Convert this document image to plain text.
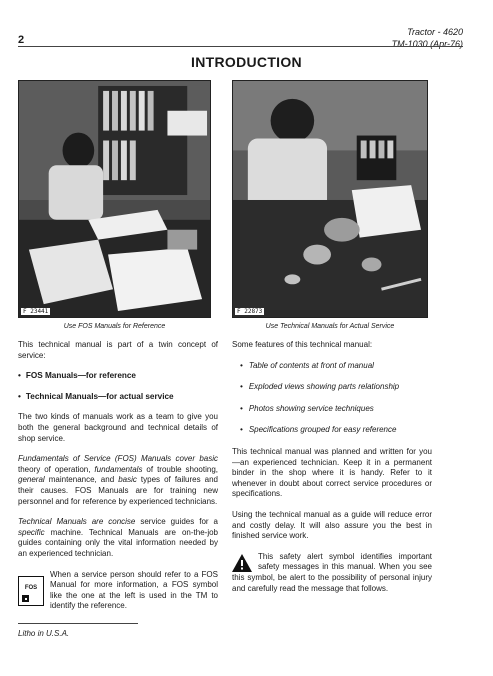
2
Tractor - 4620
TM-1030 (Apr-76)
INTRODUCTION
F 23441	F 22873
Use FOS Manuals for Reference	Use Technical Manuals for Actual Service

This technical manual is part of a twin concept of service:

• FOS Manuals—for reference
• Technical Manuals—for actual service

The two kinds of manuals work as a team to give you both the general background and technical details of shop service.

Fundamentals of Service (FOS) Manuals cover basic theory of operation, fundamentals of trouble shooting, general maintenance, and basic types of failures and their causes. FOS Manuals are for training new personnel and for reference by experienced technicians.

Technical Manuals are concise service guides for a specific machine. Technical Manuals are on-the-job guides containing only the vital information needed by an experienced technician.

FOS

When a service person should refer to a FOS Manual for more information, a FOS symbol like the one at the left is used in the TM to identify the reference.

Some features of this technical manual:

• Table of contents at front of manual
• Exploded views showing parts relationship
• Photos showing service techniques
• Specifications grouped for easy reference

This technical manual was planned and written for you—an experienced technician. Keep it in a permanent binder in the shop where it is handy. Refer to it whenever in doubt about correct service procedures or specifications.

Using the technical manual as a guide will reduce error and costly delay. It will also assure you the best in finished service work.

This safety alert symbol identifies important safety messages in this manual. When you see this symbol, be alert to the possibility of personal injury and carefully read the message that follows.

Litho in U.S.A.
